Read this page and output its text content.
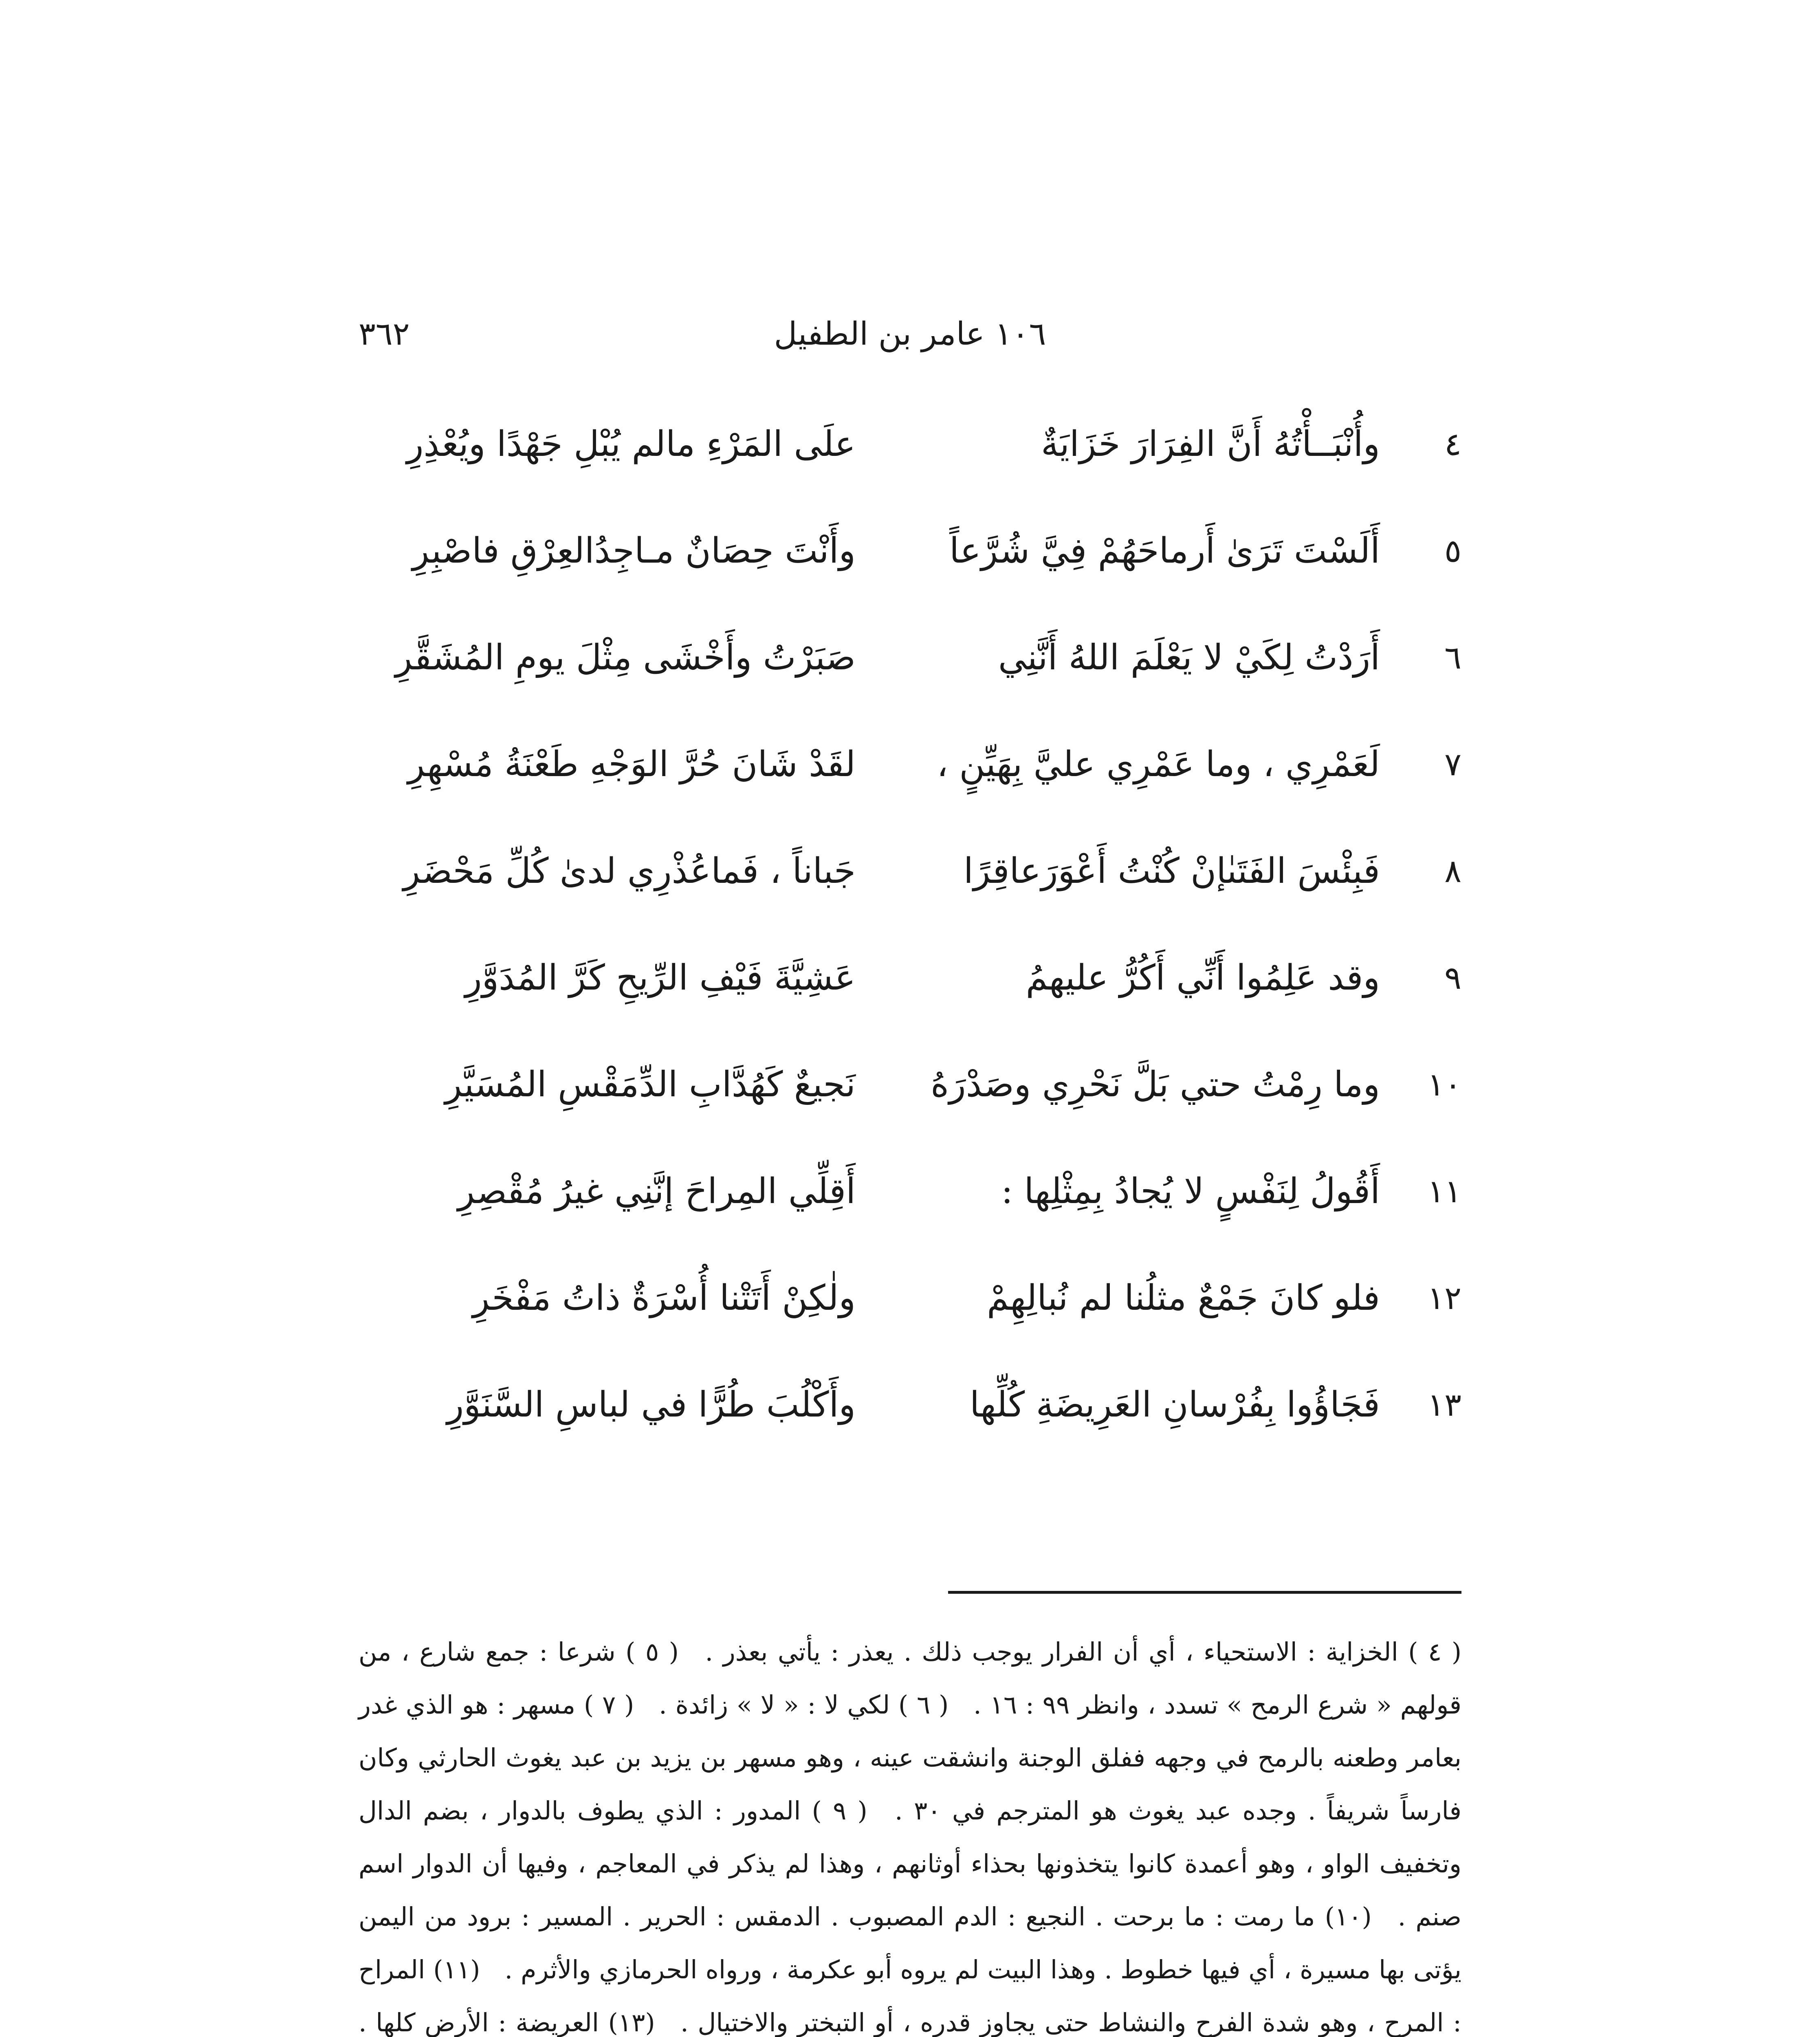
٣٦٢	١٠٦ عامر بن الطفيل
٤
وأُنْبَــأْتُهُ أَنَّ الفِرَارَ خَزَايَةٌ
علَى المَرْءِ مالم يُبْلِ جَهْدًا ويُعْذِرِ
٥
أَلَسْتَ تَرَىٰ أَرماحَهُمْ فِيَّ شُرَّعاً
وأَنْتَ حِصَانٌ مـاجِدُالعِرْقِ فاصْبِرِ
٦
أَرَدْتُ لِكَيْ لا يَعْلَمَ اللهُ أَنَّنِي
صَبَرْتُ وأَخْشَى مِثْلَ يومِ المُشَقَّرِ
٧
لَعَمْرِي ، وما عَمْرِي عليَّ بِهَيِّنٍ ،
لقَدْ شَانَ حُرَّ الوَجْهِ طَعْنَةُ مُسْهِرِ
٨
فَبِئْسَ الفَتَىٰإنْ كُنْتُ أَعْوَرَعاقِرًا
جَباناً ، فَماعُذْرِي لدىٰ كُلِّ مَحْضَرِ
٩
وقد عَلِمُوا أَنِّي أَكُرُّ عليهمُ
عَشِيَّةَ فَيْفِ الرِّيحِ كَرَّ المُدَوَّرِ
١٠
وما رِمْتُ حتي بَلَّ نَحْرِي وصَدْرَهُ
نَجيعٌ كَهُدَّابِ الدِّمَقْسِ المُسَيَّرِ
١١
أَقُولُ لِنَفْسٍ لا يُجادُ بِمِثْلِها :
أَقِلِّي المِراحَ إنَّنِي غيرُ مُقْصِرِ
١٢
فلو كانَ جَمْعٌ مثلُنا لم نُبالِهِمْ
ولٰكِنْ أَتَتْنا أُسْرَةٌ ذاتُ مَفْخَرِ
١٣
فَجَاؤُوا بِفُرْسانِ العَرِيضَةِ كُلِّها
وأَكْلُبَ طُرًّا في لباسِ السَّنَوَّرِ

( ٤ ) الخزاية : الاستحياء ، أي أن الفرار يوجب ذلك . يعذر : يأتي بعذر . ( ٥ ) شرعا : جمع شارع ، من قولهم « شرع الرمح » تسدد ، وانظر ٩٩ : ١٦ . ( ٦ ) لكي لا : « لا » زائدة . ( ٧ ) مسهر : هو الذي غدر بعامر وطعنه بالرمح في وجهه ففلق الوجنة وانشقت عينه ، وهو مسهر بن يزيد بن عبد يغوث الحارثي وكان فارساً شريفاً . وجده عبد يغوث هو المترجم في ٣٠ . ( ٩ ) المدور : الذي يطوف بالدوار ، بضم الدال وتخفيف الواو ، وهو أعمدة كانوا يتخذونها بحذاء أوثانهم ، وهذا لم يذكر في المعاجم ، وفيها أن الدوار اسم صنم . (١٠) ما رمت : ما برحت . النجيع : الدم المصبوب . الدمقس : الحرير . المسير : برود من اليمن يؤتى بها مسيرة ، أي فيها خطوط . وهذا البيت لم يروه أبو عكرمة ، ورواه الحرمازي والأثرم . (١١) المراح : المرح ، وهو شدة الفرح والنشاط حتى يجاوز قدره ، أو التبختر والاختيال . (١٣) العريضة : الأرض كلها .
